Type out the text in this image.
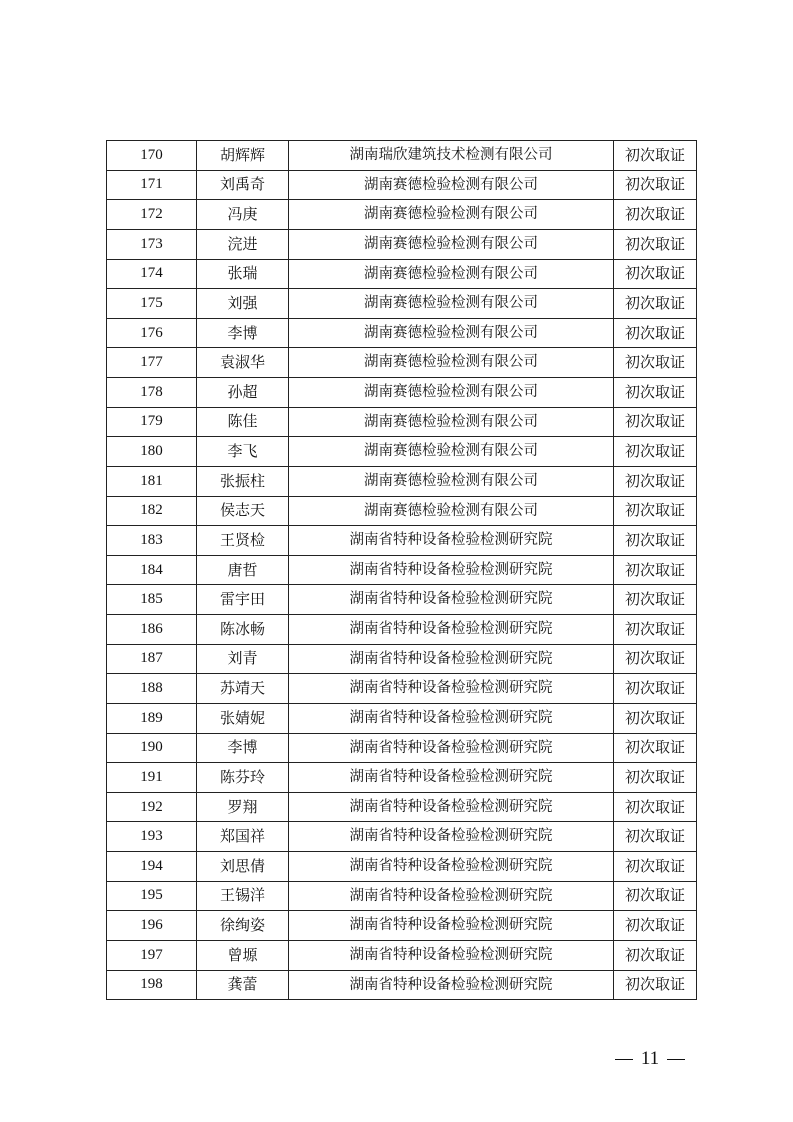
170	胡辉辉	湖南瑞欣建筑技术检测有限公司	初次取证
171	刘禹奇	湖南赛德检验检测有限公司	初次取证
172	冯庚	湖南赛德检验检测有限公司	初次取证
173	浣进	湖南赛德检验检测有限公司	初次取证
174	张瑞	湖南赛德检验检测有限公司	初次取证
175	刘强	湖南赛德检验检测有限公司	初次取证
176	李博	湖南赛德检验检测有限公司	初次取证
177	袁淑华	湖南赛德检验检测有限公司	初次取证
178	孙超	湖南赛德检验检测有限公司	初次取证
179	陈佳	湖南赛德检验检测有限公司	初次取证
180	李飞	湖南赛德检验检测有限公司	初次取证
181	张振柱	湖南赛德检验检测有限公司	初次取证
182	侯志天	湖南赛德检验检测有限公司	初次取证
183	王贤检	湖南省特种设备检验检测研究院	初次取证
184	唐哲	湖南省特种设备检验检测研究院	初次取证
185	雷宇田	湖南省特种设备检验检测研究院	初次取证
186	陈冰畅	湖南省特种设备检验检测研究院	初次取证
187	刘青	湖南省特种设备检验检测研究院	初次取证
188	苏靖天	湖南省特种设备检验检测研究院	初次取证
189	张婧妮	湖南省特种设备检验检测研究院	初次取证
190	李博	湖南省特种设备检验检测研究院	初次取证
191	陈芬玲	湖南省特种设备检验检测研究院	初次取证
192	罗翔	湖南省特种设备检验检测研究院	初次取证
193	郑国祥	湖南省特种设备检验检测研究院	初次取证
194	刘思倩	湖南省特种设备检验检测研究院	初次取证
195	王锡洋	湖南省特种设备检验检测研究院	初次取证
196	徐绚姿	湖南省特种设备检验检测研究院	初次取证
197	曾塬	湖南省特种设备检验检测研究院	初次取证
198	龚蕾	湖南省特种设备检验检测研究院	初次取证
11
